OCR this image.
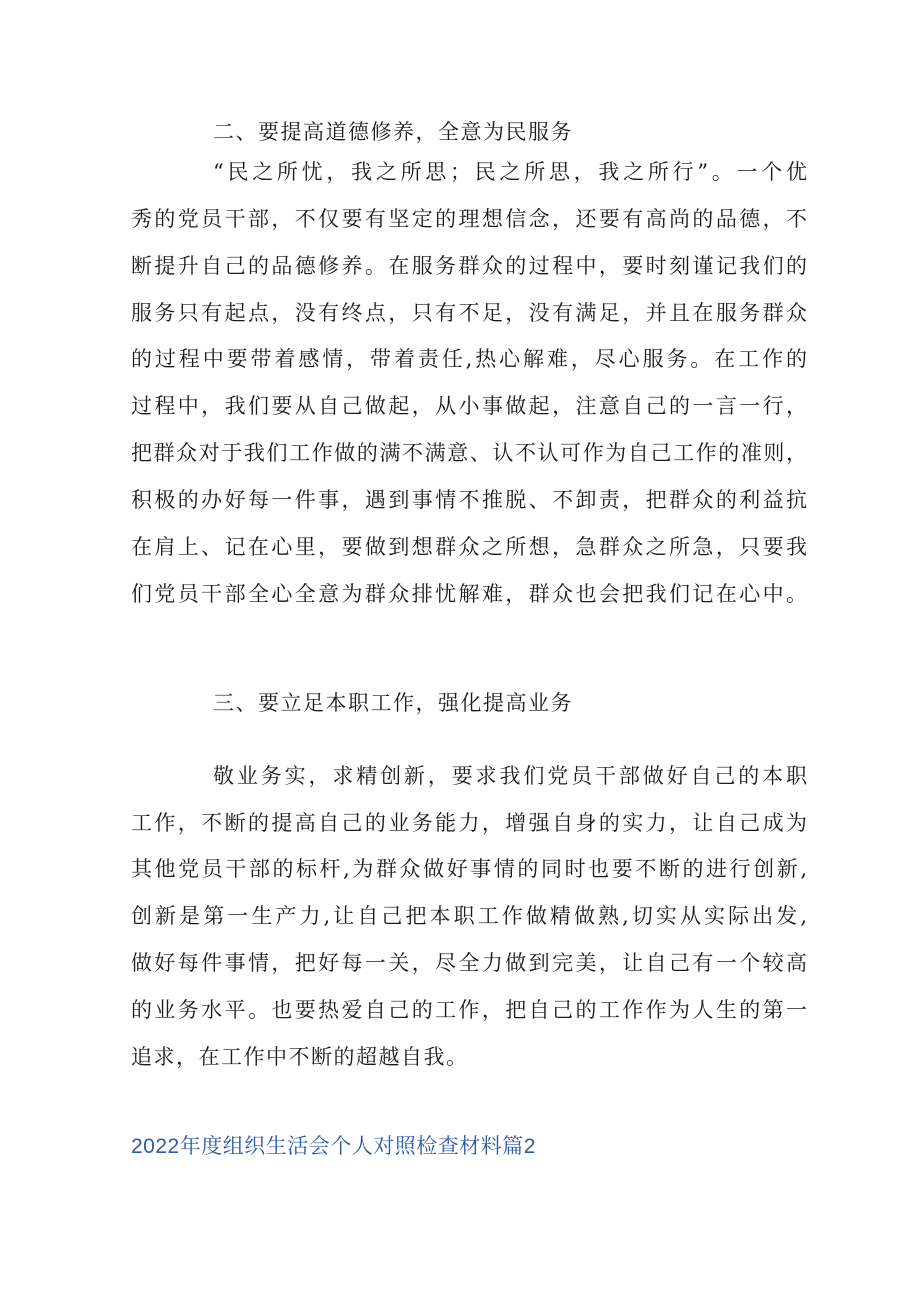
二、要提高道德修养，全意为民服务
“民之所忧，我之所思；民之所思，我之所行”。一个优
秀的党员干部，不仅要有坚定的理想信念，还要有高尚的品德，不
断提升自己的品德修养。在服务群众的过程中，要时刻谨记我们的
服务只有起点，没有终点，只有不足，没有满足，并且在服务群众
的过程中要带着感情，带着责任,热心解难，尽心服务。在工作的
过程中，我们要从自己做起，从小事做起，注意自己的一言一行，
把群众对于我们工作做的满不满意、认不认可作为自己工作的准则，
积极的办好每一件事，遇到事情不推脱、不卸责，把群众的利益抗
在肩上、记在心里，要做到想群众之所想，急群众之所急，只要我
们党员干部全心全意为群众排忧解难，群众也会把我们记在心中。
三、要立足本职工作，强化提高业务
敬业务实，求精创新，要求我们党员干部做好自己的本职
工作，不断的提高自己的业务能力，增强自身的实力，让自己成为
其他党员干部的标杆,为群众做好事情的同时也要不断的进行创新,
创新是第一生产力,让自己把本职工作做精做熟,切实从实际出发,
做好每件事情，把好每一关，尽全力做到完美，让自己有一个较高
的业务水平。也要热爱自己的工作，把自己的工作作为人生的第一
追求，在工作中不断的超越自我。
2022年度组织生活会个人对照检查材料篇2
